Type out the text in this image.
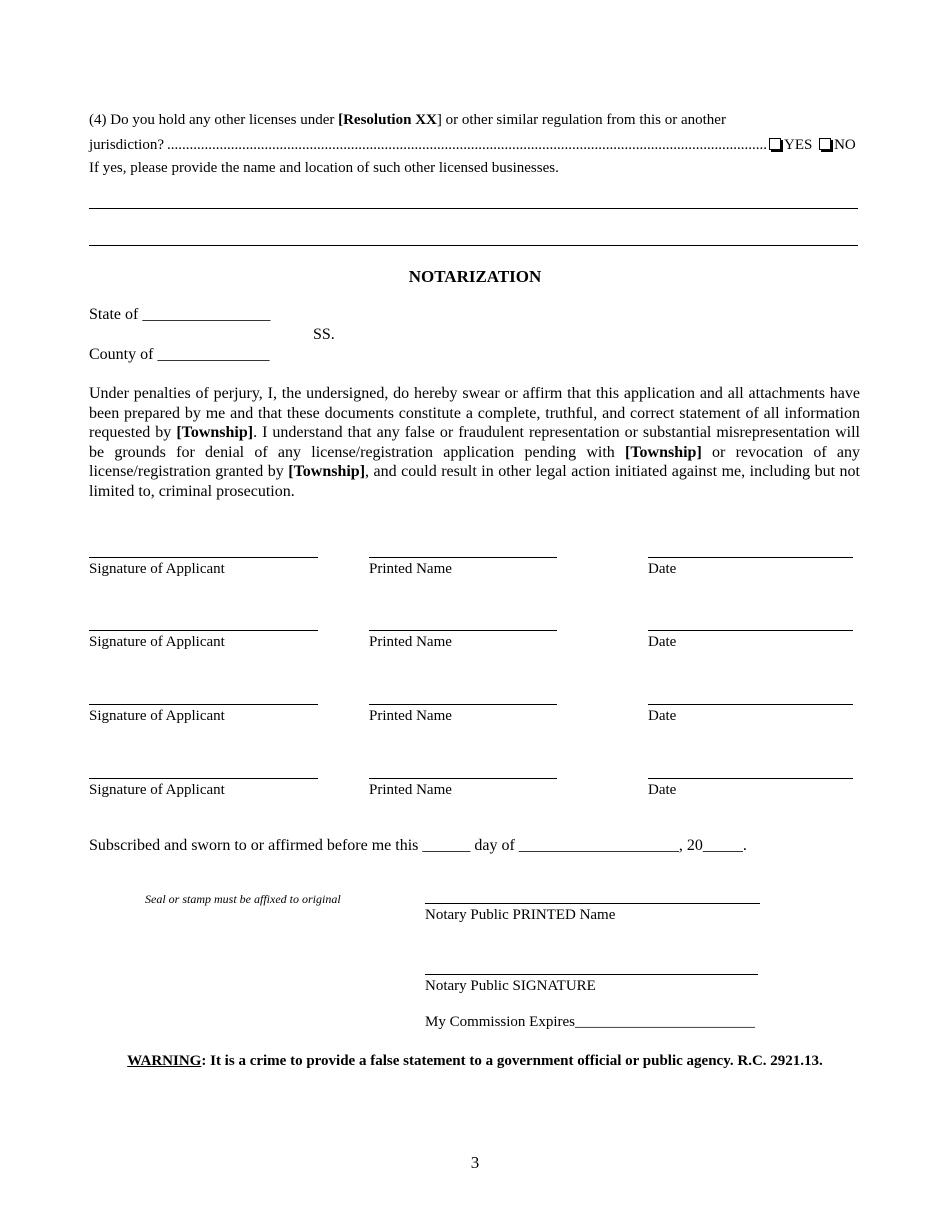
(4) Do you hold any other licenses under [Resolution XX] or other similar regulation from this or another
jurisdiction?
.....	YES NO
If yes, please provide the name and location of such other licensed businesses.
NOTARIZATION
State of ________________
SS.
County of ______________
Under penalties of perjury, I, the undersigned, do hereby swear or affirm that this application and all attachments have been prepared by me and that these documents constitute a complete, truthful, and correct statement of all information requested by [Township]. I understand that any false or fraudulent representation or substantial misrepresentation will be grounds for denial of any license/registration application pending with [Township] or revocation of any license/registration granted by [Township], and could result in other legal action initiated against me, including but not limited to, criminal prosecution.
Signature of Applicant	Printed Name	Date
Signature of Applicant	Printed Name	Date
Signature of Applicant	Printed Name	Date
Signature of Applicant	Printed Name	Date
Subscribed and sworn to or affirmed before me this ______ day of ____________________, 20_____.
Seal or stamp must be affixed to original
Notary Public PRINTED Name
Notary Public SIGNATURE
My Commission Expires________________________
WARNING: It is a crime to provide a false statement to a government official or public agency. R.C. 2921.13.
3
